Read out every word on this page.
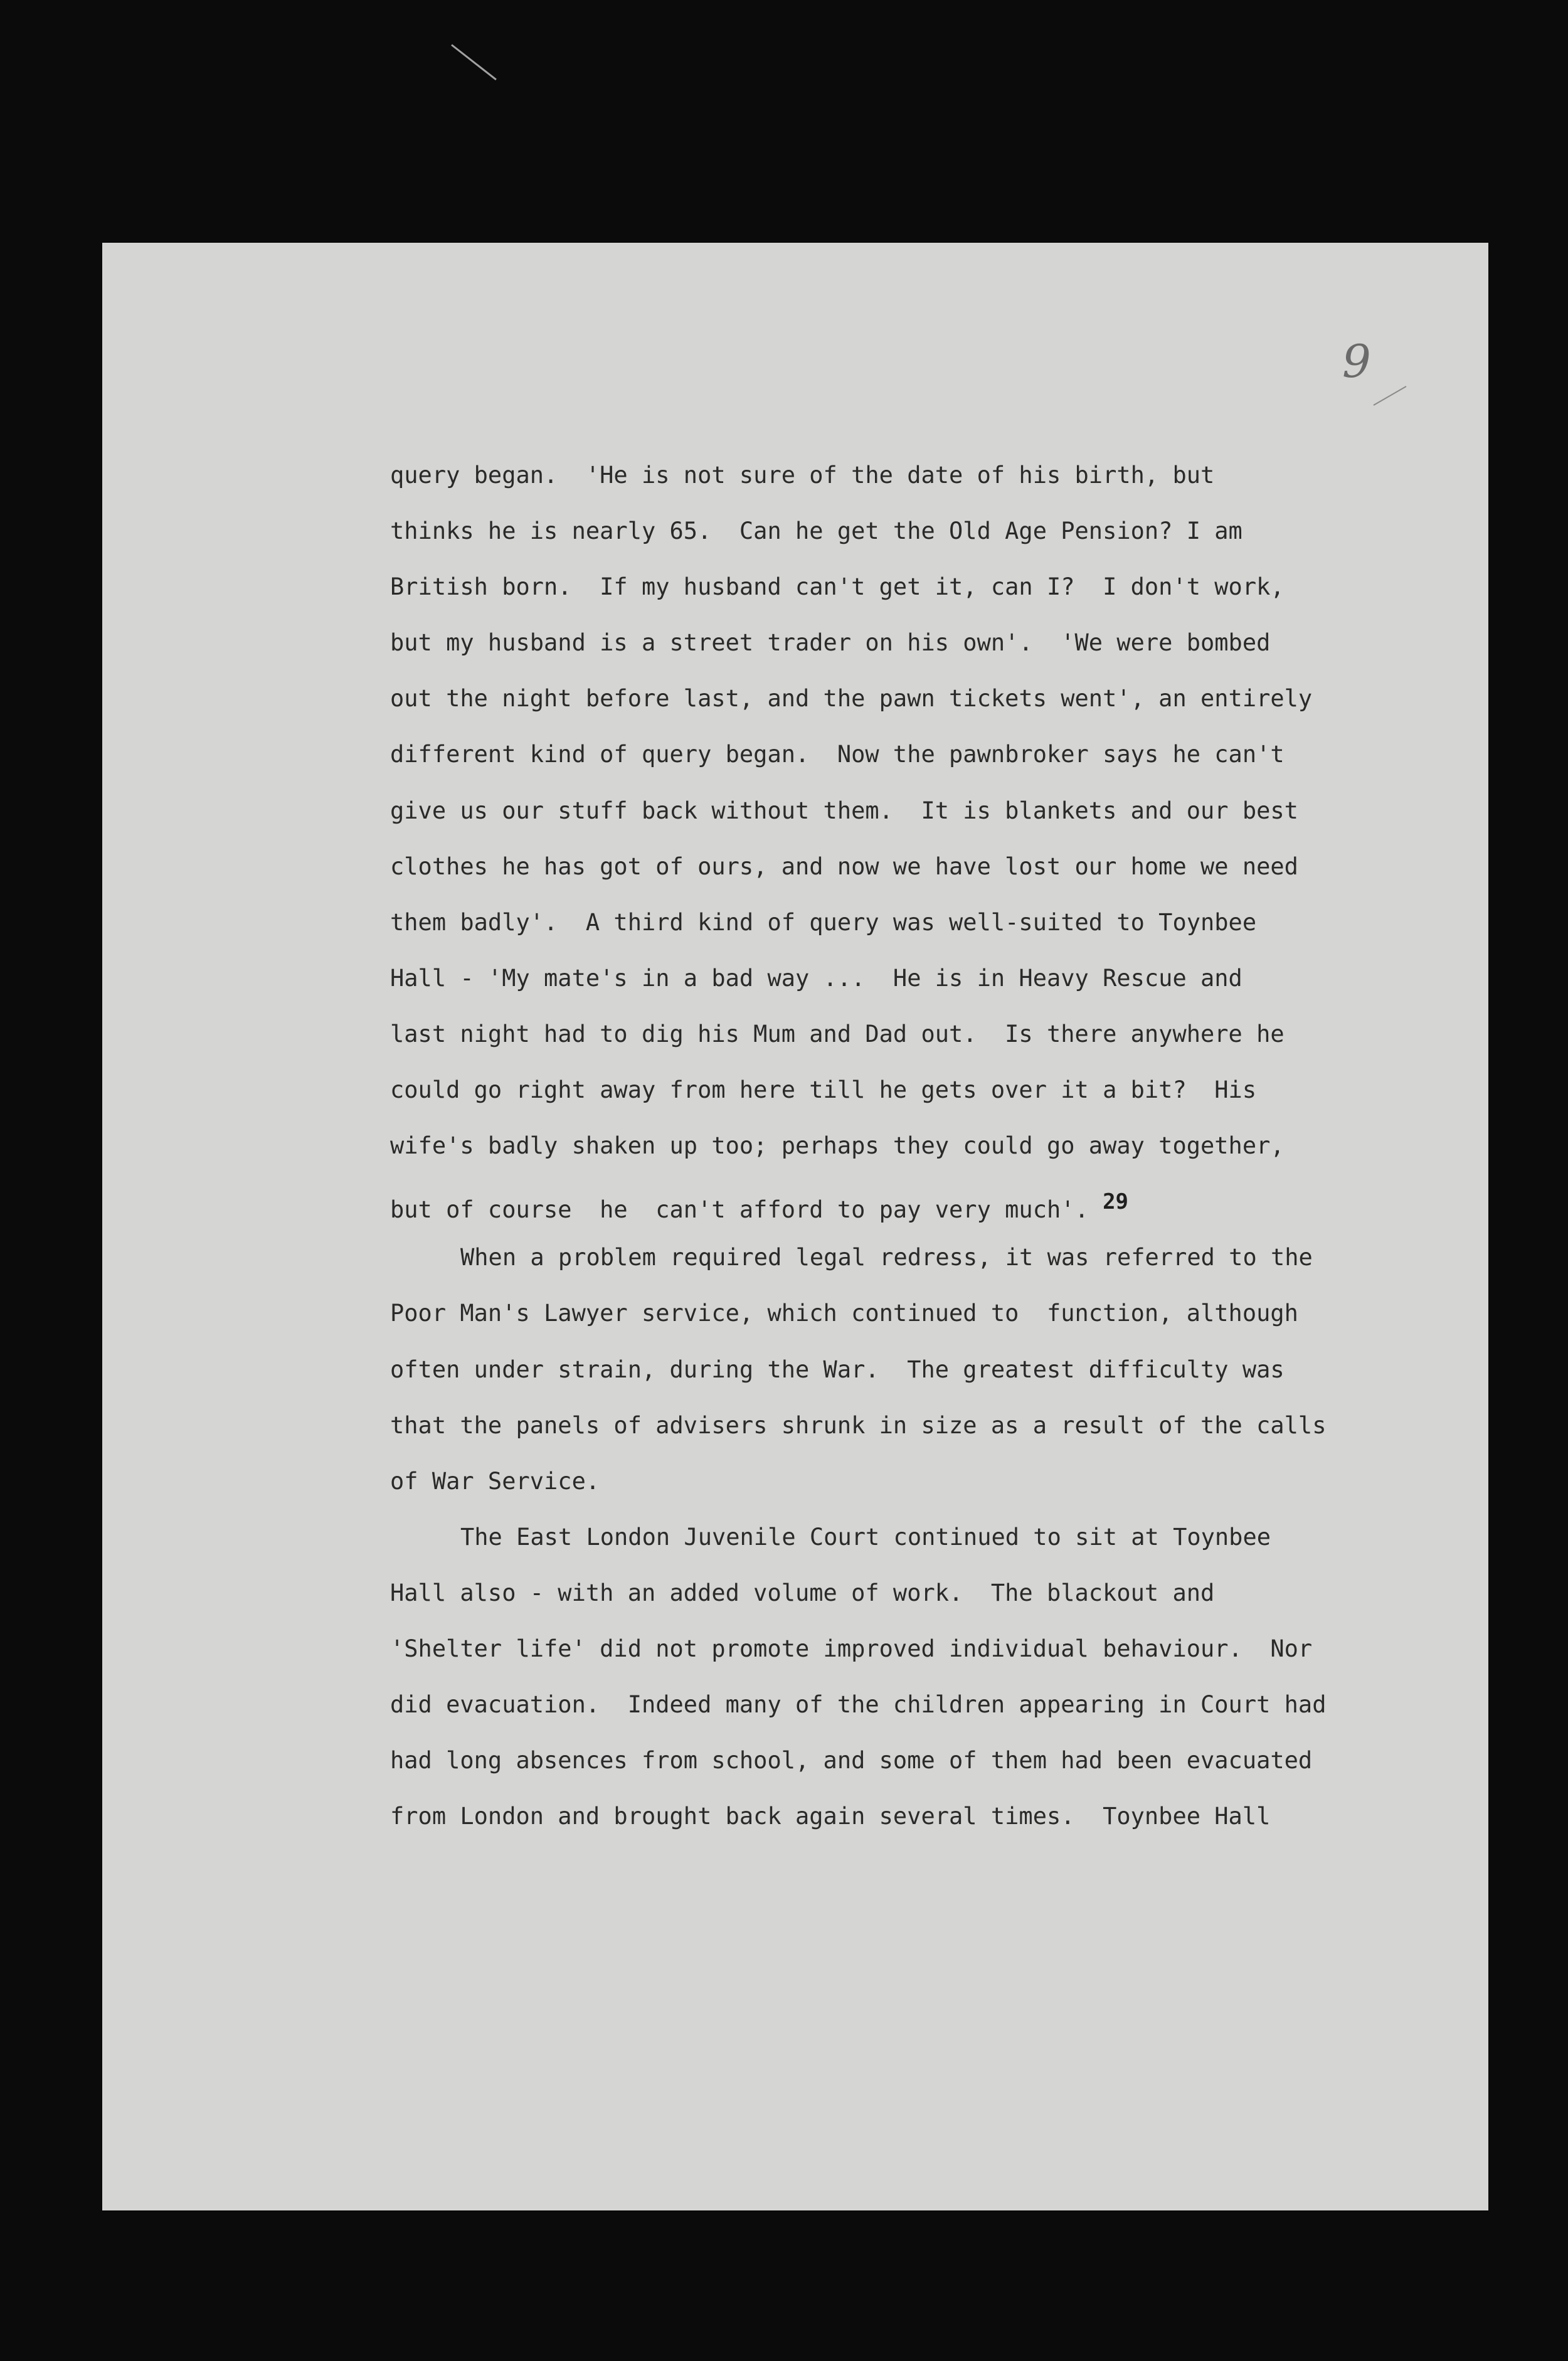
9
query began.  'He is not sure of the date of his birth, but
thinks he is nearly 65.  Can he get the Old Age Pension? I am
British born.  If my husband can't get it, can I?  I don't work,
but my husband is a street trader on his own'.  'We were bombed
out the night before last, and the pawn tickets went', an entirely
different kind of query began.  Now the pawnbroker says he can't
give us our stuff back without them.  It is blankets and our best
clothes he has got of ours, and now we have lost our home we need
them badly'.  A third kind of query was well-suited to Toynbee
Hall - 'My mate's in a bad way ...  He is in Heavy Rescue and
last night had to dig his Mum and Dad out.  Is there anywhere he
could go right away from here till he gets over it a bit?  His
wife's badly shaken up too; perhaps they could go away together,
but of course  he  can't afford to pay very much'. 29
When a problem required legal redress, it was referred to the
Poor Man's Lawyer service, which continued to  function, although
often under strain, during the War.  The greatest difficulty was
that the panels of advisers shrunk in size as a result of the calls
of War Service.
The East London Juvenile Court continued to sit at Toynbee
Hall also - with an added volume of work.  The blackout and
'Shelter life' did not promote improved individual behaviour.  Nor
did evacuation.  Indeed many of the children appearing in Court had
had long absences from school, and some of them had been evacuated
from London and brought back again several times.  Toynbee Hall
